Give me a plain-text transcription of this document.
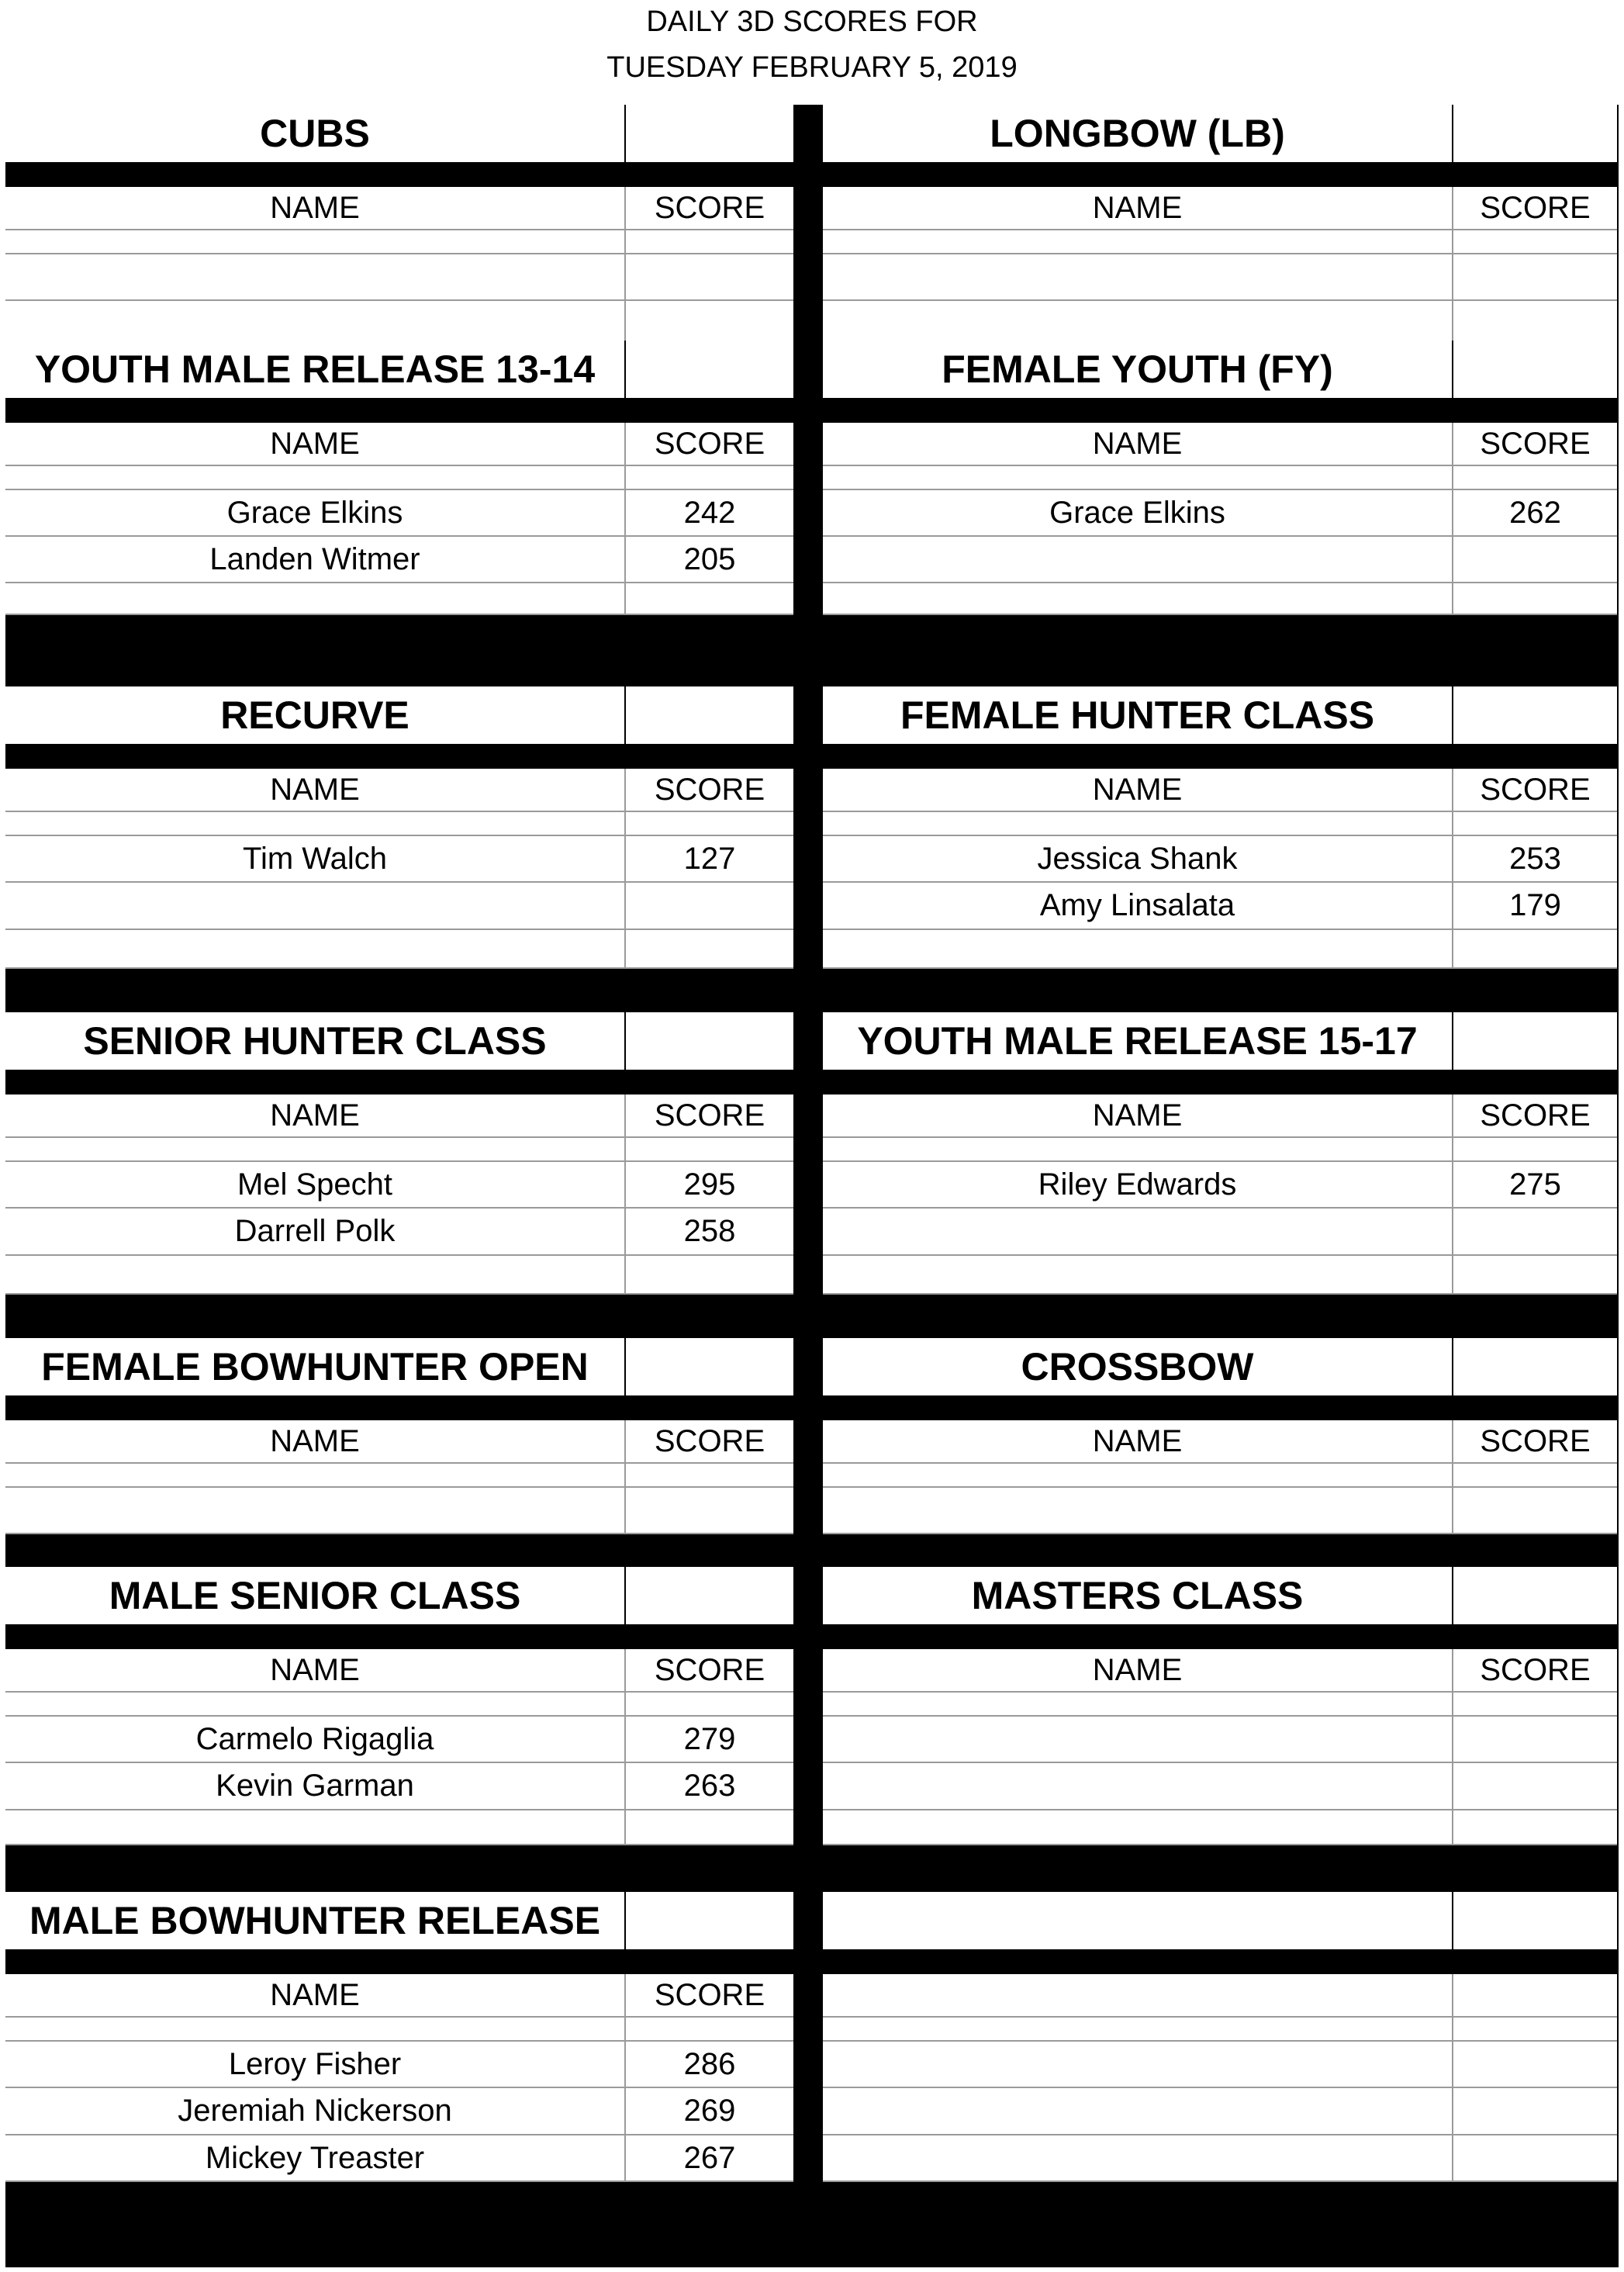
DAILY 3D SCORES FOR
TUESDAY FEBRUARY 5, 2019
CUBS
NAME	SCORE
LONGBOW (LB)
NAME	SCORE
YOUTH MALE RELEASE 13-14
NAME	SCORE
Grace Elkins	242
Landen Witmer	205
FEMALE YOUTH (FY)
NAME	SCORE
Grace Elkins	262
RECURVE
NAME	SCORE
Tim Walch	127
FEMALE HUNTER CLASS
NAME	SCORE
Jessica Shank	253
Amy Linsalata	179
SENIOR HUNTER CLASS
NAME	SCORE
Mel Specht	295
Darrell Polk	258
YOUTH MALE RELEASE 15-17
NAME	SCORE
Riley Edwards	275
FEMALE BOWHUNTER OPEN
NAME	SCORE
CROSSBOW
NAME	SCORE
MALE SENIOR CLASS
NAME	SCORE
Carmelo Rigaglia	279
Kevin Garman	263
MASTERS CLASS
NAME	SCORE
MALE BOWHUNTER RELEASE
NAME	SCORE
Leroy Fisher	286
Jeremiah Nickerson	269
Mickey Treaster	267
